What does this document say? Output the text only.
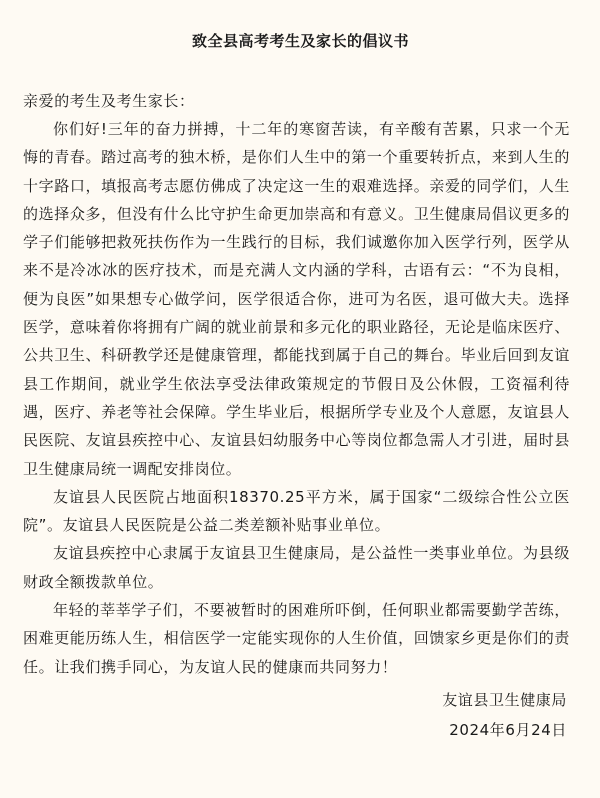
致全县高考考生及家长的倡议书
亲爱的考生及考生家长：

你们好!三年的奋力拼搏，十二年的寒窗苦读，有辛酸有苦累，只求一个无悔的青春。踏过高考的独木桥，是你们人生中的第一个重要转折点，来到人生的十字路口，填报高考志愿仿佛成了决定这一生的艰难选择。亲爱的同学们，人生的选择众多，但没有什么比守护生命更加崇高和有意义。卫生健康局倡议更多的学子们能够把救死扶伤作为一生践行的目标，我们诚邀你加入医学行列，医学从来不是冷冰冰的医疗技术，而是充满人文内涵的学科，古语有云：“不为良相，便为良医”如果想专心做学问，医学很适合你，进可为名医，退可做大夫。选择医学，意味着你将拥有广阔的就业前景和多元化的职业路径，无论是临床医疗、公共卫生、科研教学还是健康管理，都能找到属于自己的舞台。毕业后回到友谊县工作期间，就业学生依法享受法律政策规定的节假日及公休假，工资福利待遇，医疗、养老等社会保障。学生毕业后，根据所学专业及个人意愿，友谊县人民医院、友谊县疾控中心、友谊县妇幼服务中心等岗位都急需人才引进，届时县卫生健康局统一调配安排岗位。

友谊县人民医院占地面积18370.25平方米，属于国家“二级综合性公立医院”。友谊县人民医院是公益二类差额补贴事业单位。

友谊县疾控中心隶属于友谊县卫生健康局，是公益性一类事业单位。为县级财政全额拨款单位。

年轻的莘莘学子们，不要被暂时的困难所吓倒，任何职业都需要勤学苦练，困难更能历练人生，相信医学一定能实现你的人生价值，回馈家乡更是你们的责任。让我们携手同心，为友谊人民的健康而共同努力！

友谊县卫生健康局
2024年6月24日
